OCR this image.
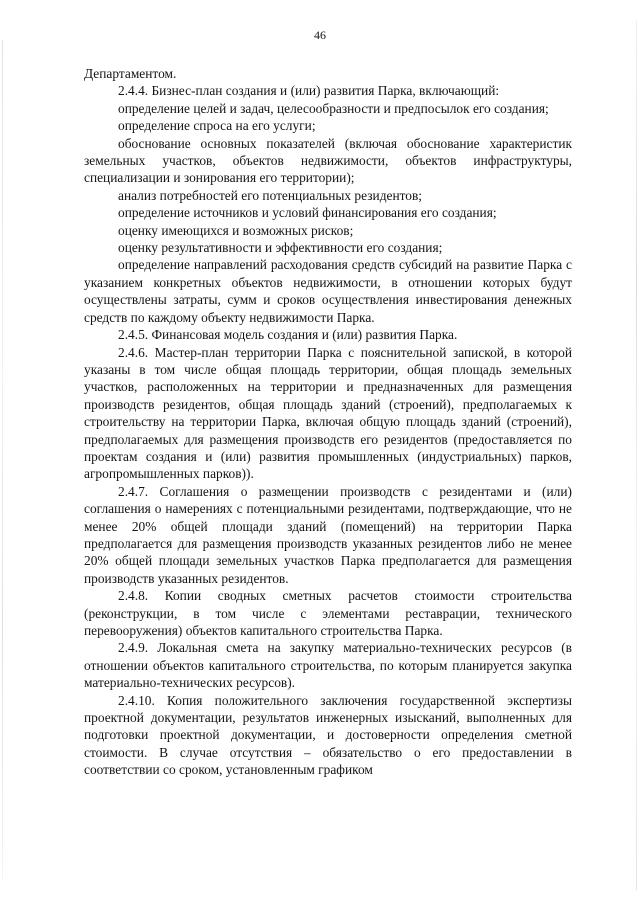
46

Департаментом.

2.4.4. Бизнес-план создания и (или) развития Парка, включающий:

определение целей и задач, целесообразности и предпосылок его создания;

определение спроса на его услуги;

обоснование основных показателей (включая обоснование характеристик земельных участков, объектов недвижимости, объектов инфраструктуры, специализации и зонирования его территории);

анализ потребностей его потенциальных резидентов;

определение источников и условий финансирования его создания;

оценку имеющихся и возможных рисков;

оценку результативности и эффективности его создания;

определение направлений расходования средств субсидий на развитие Парка с указанием конкретных объектов недвижимости, в отношении которых будут осуществлены затраты, сумм и сроков осуществления инвестирования денежных средств по каждому объекту недвижимости Парка.

2.4.5. Финансовая модель создания и (или) развития Парка.

2.4.6. Мастер-план территории Парка с пояснительной запиской, в которой указаны в том числе общая площадь территории, общая площадь земельных участков, расположенных на территории и предназначенных для размещения производств резидентов, общая площадь зданий (строений), предполагаемых к строительству на территории Парка, включая общую площадь зданий (строений), предполагаемых для размещения производств его резидентов (предоставляется по проектам создания и (или) развития промышленных (индустриальных) парков, агропромышленных парков)).

2.4.7. Соглашения о размещении производств с резидентами и (или) соглашения о намерениях с потенциальными резидентами, подтверждающие, что не менее 20% общей площади зданий (помещений) на территории Парка предполагается для размещения производств указанных резидентов либо не менее 20% общей площади земельных участков Парка предполагается для размещения производств указанных резидентов.

2.4.8. Копии сводных сметных расчетов стоимости строительства (реконструкции, в том числе с элементами реставрации, технического перевооружения) объектов капитального строительства Парка.

2.4.9. Локальная смета на закупку материально-технических ресурсов (в отношении объектов капитального строительства, по которым планируется закупка материально-технических ресурсов).

2.4.10. Копия положительного заключения государственной экспертизы проектной документации, результатов инженерных изысканий, выполненных для подготовки проектной документации, и достоверности определения сметной стоимости. В случае отсутствия – обязательство о его предоставлении в соответствии со сроком, установленным графиком
